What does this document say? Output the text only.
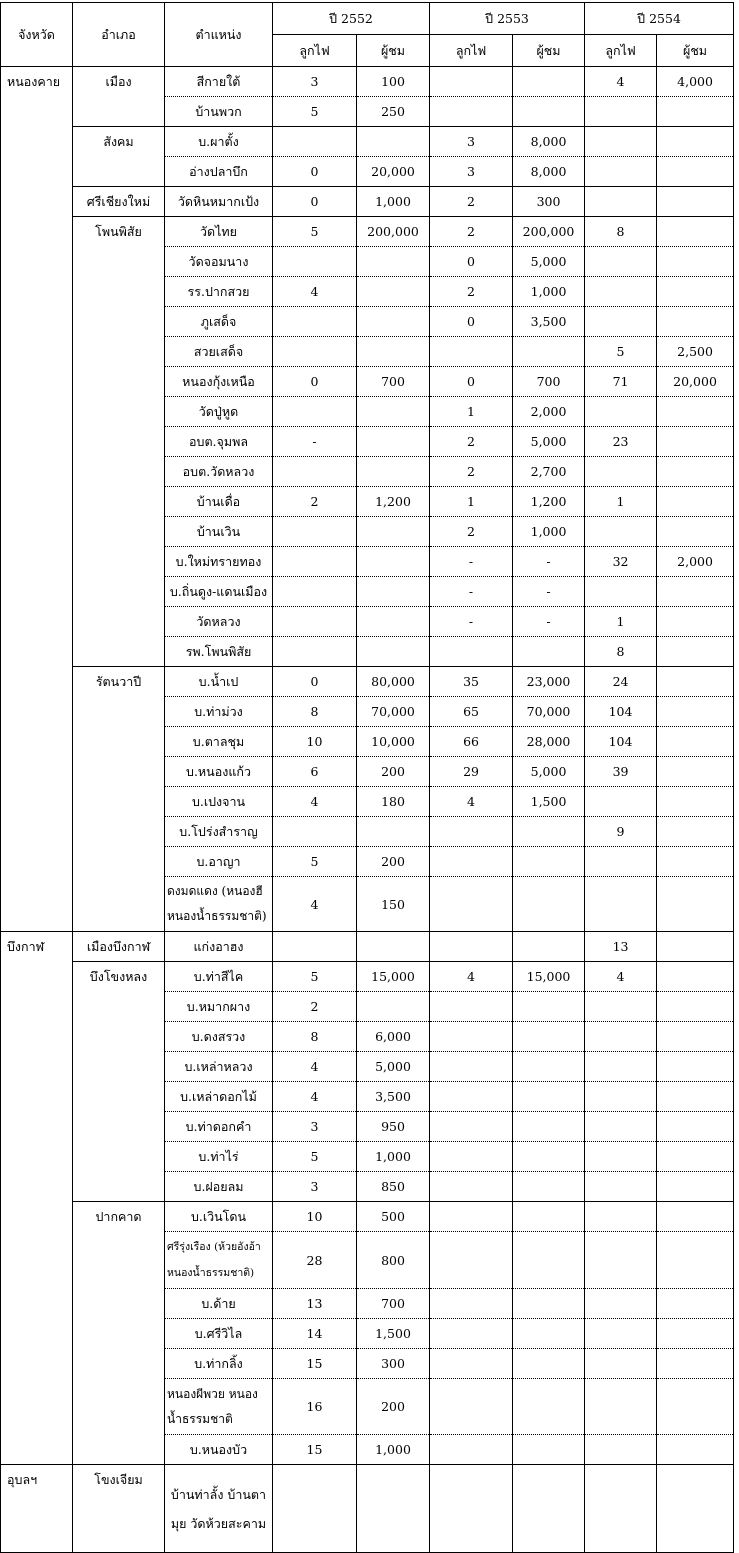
จังหวัด	อำเภอ	ตำแหน่ง	ปี 2552		ปี 2553		ปี 2554	
			ลูกไฟ	ผู้ชม	ลูกไฟ	ผู้ชม	ลูกไฟ	ผู้ชม
หนองคาย	เมือง	สีกายใต้	3	100			4	4,000
		บ้านพวก	5	250				
	สังคม	บ.ผาตั้ง			3	8,000		
		อ่างปลาบึก	0	20,000	3	8,000		
	ศรีเชียงใหม่	วัดหินหมากเป้ง	0	1,000	2	300		
	โพนพิสัย	วัดไทย	5	200,000	2	200,000	8	
		วัดจอมนาง			0	5,000		
		รร.ปากสวย	4		2	1,000		
		ภูเสด็จ			0	3,500		
		สวยเสด็จ					5	2,500
		หนองกุ้งเหนือ	0	700	0	700	71	20,000
		วัดปู่หูด			1	2,000		
		อบต.จุมพล	-		2	5,000	23	
		อบต.วัดหลวง			2	2,700		
		บ้านเดื่อ	2	1,200	1	1,200	1	
		บ้านเวิน			2	1,000		
		บ.ใหม่ทรายทอง			-	-	32	2,000
		บ.ถิ่นดูง-แดนเมือง			-	-		
		วัดหลวง			-	-	1	
		รพ.โพนพิสัย					8	
	รัตนวาปี	บ.น้ำเป	0	80,000	35	23,000	24	
		บ.ท่าม่วง	8	70,000	65	70,000	104	
		บ.ตาลชุม	10	10,000	66	28,000	104	
		บ.หนองแก้ว	6	200	29	5,000	39	
		บ.เปงจาน	4	180	4	1,500		
		บ.โปร่งสำราญ					9	
		บ.อาญา	5	200				
		ดงมดแดง (หนองฮี หนองน้ำธรรมชาติ)	4	150				
บึงกาฬ	เมืองบึงกาฬ	แก่งอาฮง					13	
	บึงโขงหลง	บ.ท่าสีไค	5	15,000	4	15,000	4	
		บ.หมากผาง	2					
		บ.ดงสรวง	8	6,000				
		บ.เหล่าหลวง	4	5,000				
		บ.เหล่าดอกไม้	4	3,500				
		บ.ท่าดอกคำ	3	950				
		บ.ท่าไร่	5	1,000				
		บ.ฝอยลม	3	850				
	ปากคาด	บ.เวินโดน	10	500				
		ศรีรุ่งเรือง (ห้วยอังอ้า หนองน้ำธรรมชาติ)	28	800				
		บ.ด้าย	13	700				
		บ.ศรีวิไล	14	1,500				
		บ.ท่ากลิ้ง	15	300				
		หนองผีพวย หนองน้ำธรรมชาติ	16	200				
		บ.หนองบัว	15	1,000				
อุบลฯ	โขงเจียม	บ้านท่าลั้ง บ้านตามุย วัดห้วยสะคาม						
